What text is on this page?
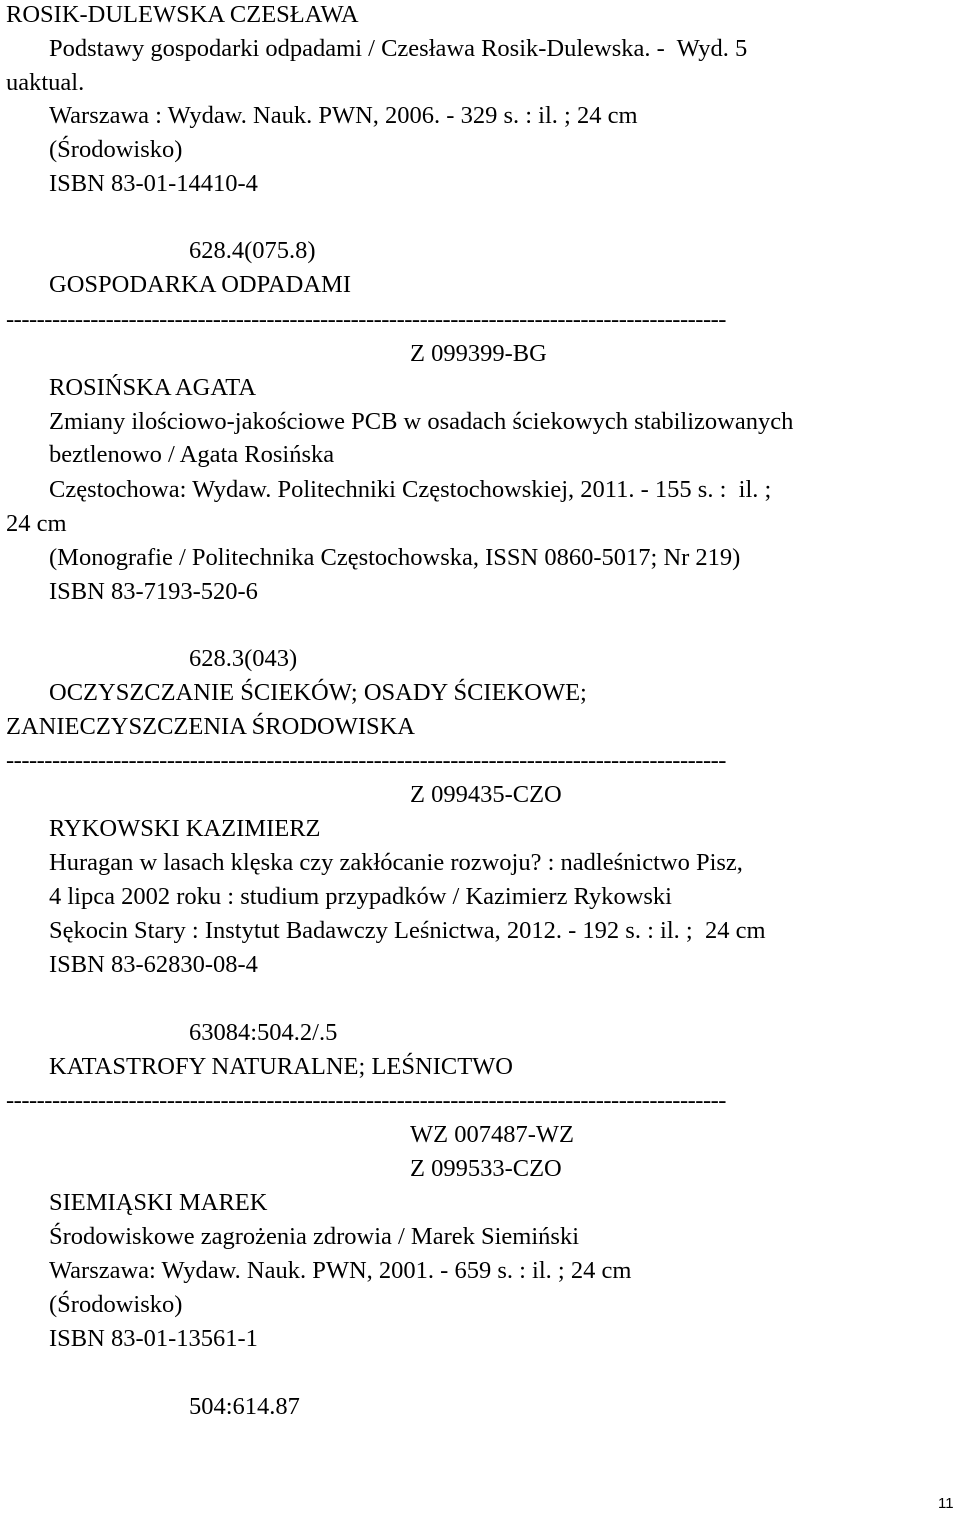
ROSIK-DULEWSKA CZESŁAWA
Podstawy gospodarki odpadami / Czesława Rosik-Dulewska. -  Wyd. 5
uaktual.
Warszawa : Wydaw. Nauk. PWN, 2006. - 329 s. : il. ; 24 cm
(Środowisko)
ISBN 83-01-14410-4
628.4(075.8)
GOSPODARKA ODPADAMI
----------------------------------------------------------------------------------------------
Z 099399-BG
ROSIŃSKA AGATA
Zmiany ilościowo-jakościowe PCB w osadach ściekowych stabilizowanych
beztlenowo / Agata Rosińska
Częstochowa: Wydaw. Politechniki Częstochowskiej, 2011. - 155 s. :  il. ;
24 cm
(Monografie / Politechnika Częstochowska, ISSN 0860-5017; Nr 219)
ISBN 83-7193-520-6
628.3(043)
OCZYSZCZANIE ŚCIEKÓW; OSADY ŚCIEKOWE;
ZANIECZYSZCZENIA ŚRODOWISKA
----------------------------------------------------------------------------------------------
Z 099435-CZO
RYKOWSKI KAZIMIERZ
Huragan w lasach klęska czy zakłócanie rozwoju? : nadleśnictwo Pisz,
4 lipca 2002 roku : studium przypadków / Kazimierz Rykowski
Sękocin Stary : Instytut Badawczy Leśnictwa, 2012. - 192 s. : il. ;  24 cm
ISBN 83-62830-08-4
63084:504.2/.5
KATASTROFY NATURALNE; LEŚNICTWO
----------------------------------------------------------------------------------------------
WZ 007487-WZ
Z 099533-CZO
SIEMIĄSKI MAREK
Środowiskowe zagrożenia zdrowia / Marek Siemiński
Warszawa: Wydaw. Nauk. PWN, 2001. - 659 s. : il. ; 24 cm
(Środowisko)
ISBN 83-01-13561-1
504:614.87
11
